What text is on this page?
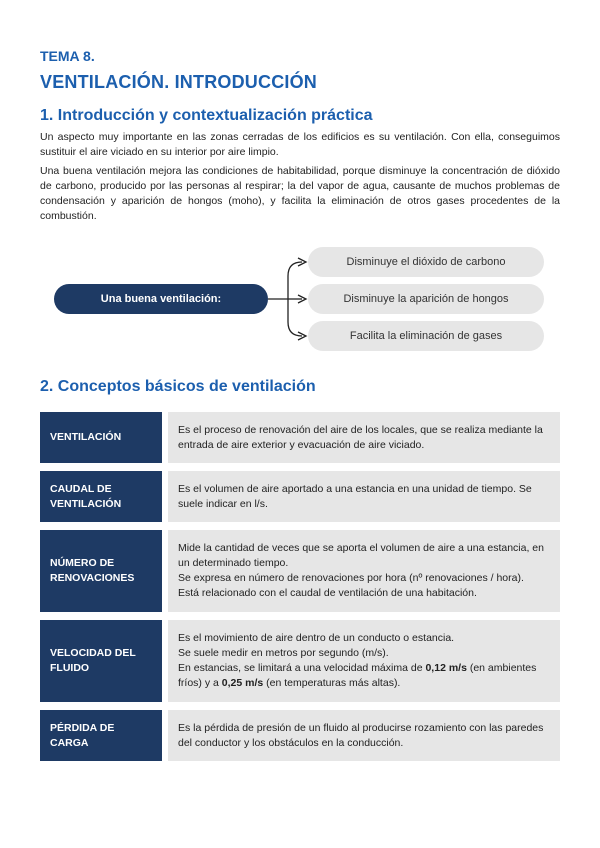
TEMA 8.
VENTILACIÓN. INTRODUCCIÓN
1. Introducción y contextualización práctica

Un aspecto muy importante en las zonas cerradas de los edificios es su ventilación. Con ella, conseguimos sustituir el aire viciado en su interior por aire limpio.

Una buena ventilación mejora las condiciones de habitabilidad, porque disminuye la concentración de dióxido de carbono, producido por las personas al respirar; la del vapor de agua, causante de muchos problemas de condensación y aparición de hongos (moho), y facilita la eliminación de otros gases procedentes de la combustión.

Una buena ventilación:
Disminuye el dióxido de carbono
Disminuye la aparición de hongos
Facilita la eliminación de gases
2. Conceptos básicos de ventilación
VENTILACIÓN
Es el proceso de renovación del aire de los locales, que se realiza mediante la entrada de aire exterior y evacuación de aire viciado.
CAUDAL DE VENTILACIÓN
Es el volumen de aire aportado a una estancia en una unidad de tiempo. Se suele indicar en l/s.
NÚMERO DE RENOVACIONES
Mide la cantidad de veces que se aporta el volumen de aire a una estancia, en un determinado tiempo.
Se expresa en número de renovaciones por hora (nº renovaciones / hora).
Está relacionado con el caudal de ventilación de una habitación.
VELOCIDAD DEL FLUIDO
Es el movimiento de aire dentro de un conducto o estancia.
Se suele medir en metros por segundo (m/s).
En estancias, se limitará a una velocidad máxima de 0,12 m/s (en ambientes fríos) y a 0,25 m/s (en temperaturas más altas).
PÉRDIDA DE CARGA
Es la pérdida de presión de un fluido al producirse rozamiento con las paredes del conductor y los obstáculos en la conducción.
